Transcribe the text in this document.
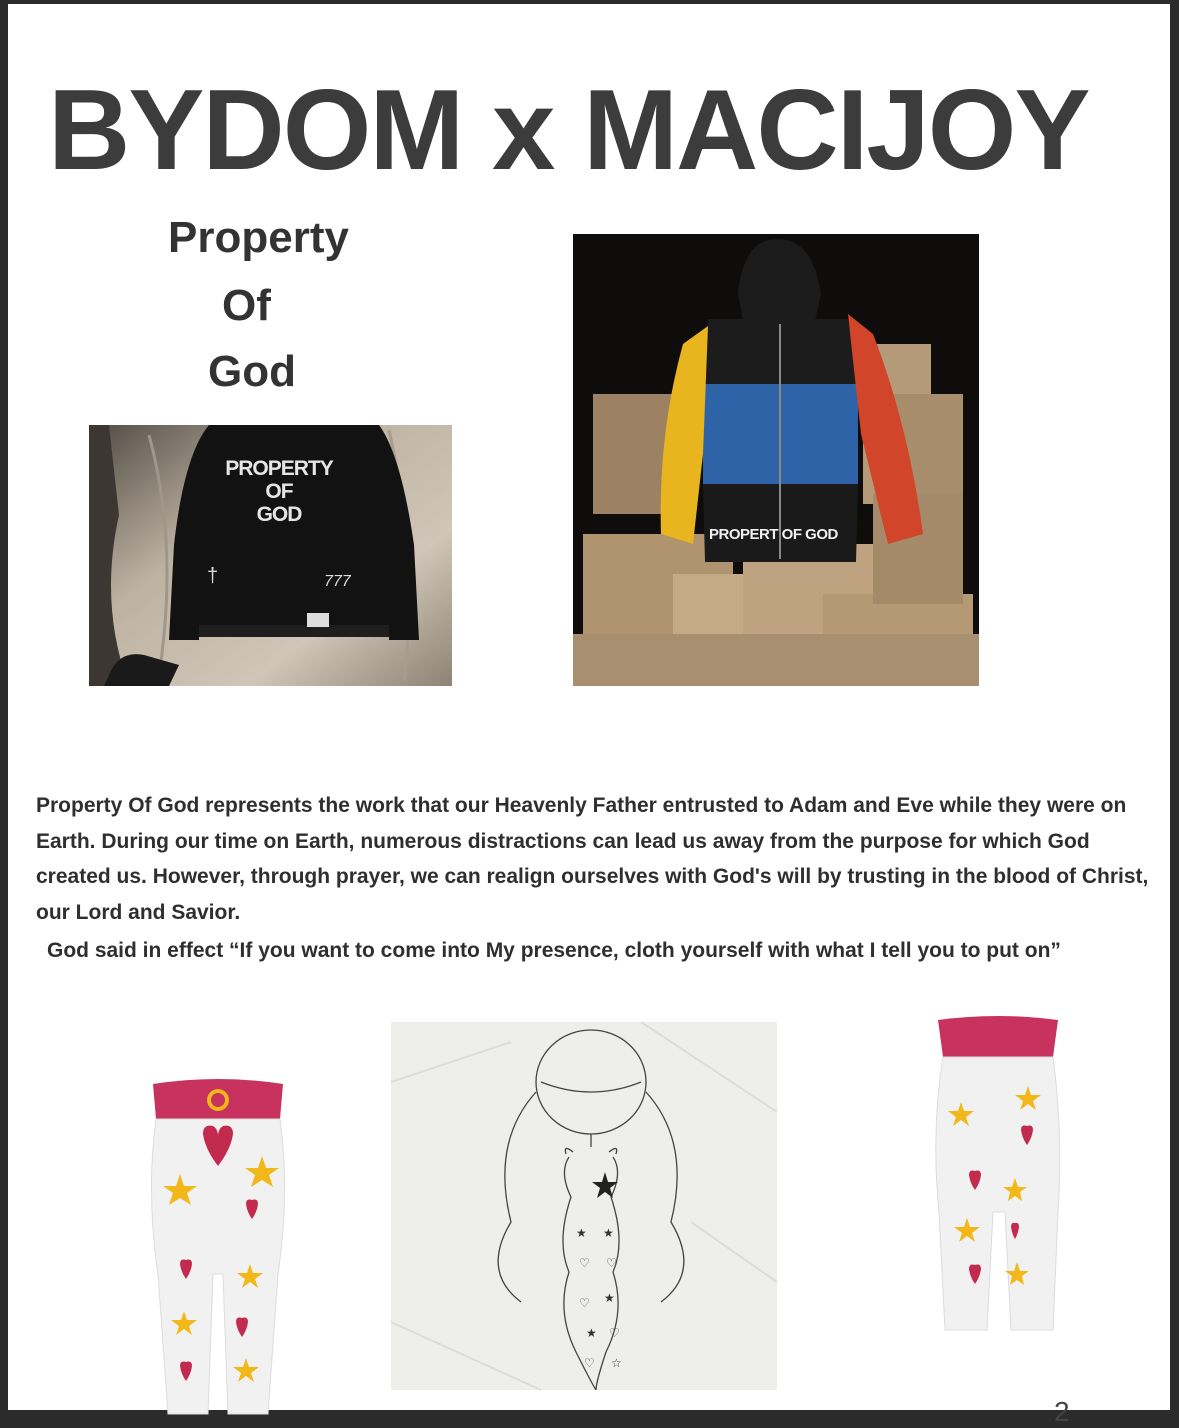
BYDOM x MACIJOY
Property
Of
God
PROPERTY
OF
GOD
†	777
PROPERT OF GOD
Property Of God represents the work that our Heavenly Father entrusted to Adam and Eve while they were on Earth. During our time on Earth, numerous distractions can lead us away from the purpose for which God created us. However, through prayer, we can realign ourselves with God's will by trusting in the blood of Christ, our Lord and Savior.
God said in effect “If you want to come into My presence, cloth yourself with what I tell you to put on”
★ ★
♡ ♡
♡ ★
★ ♡
♡ ☆
2
